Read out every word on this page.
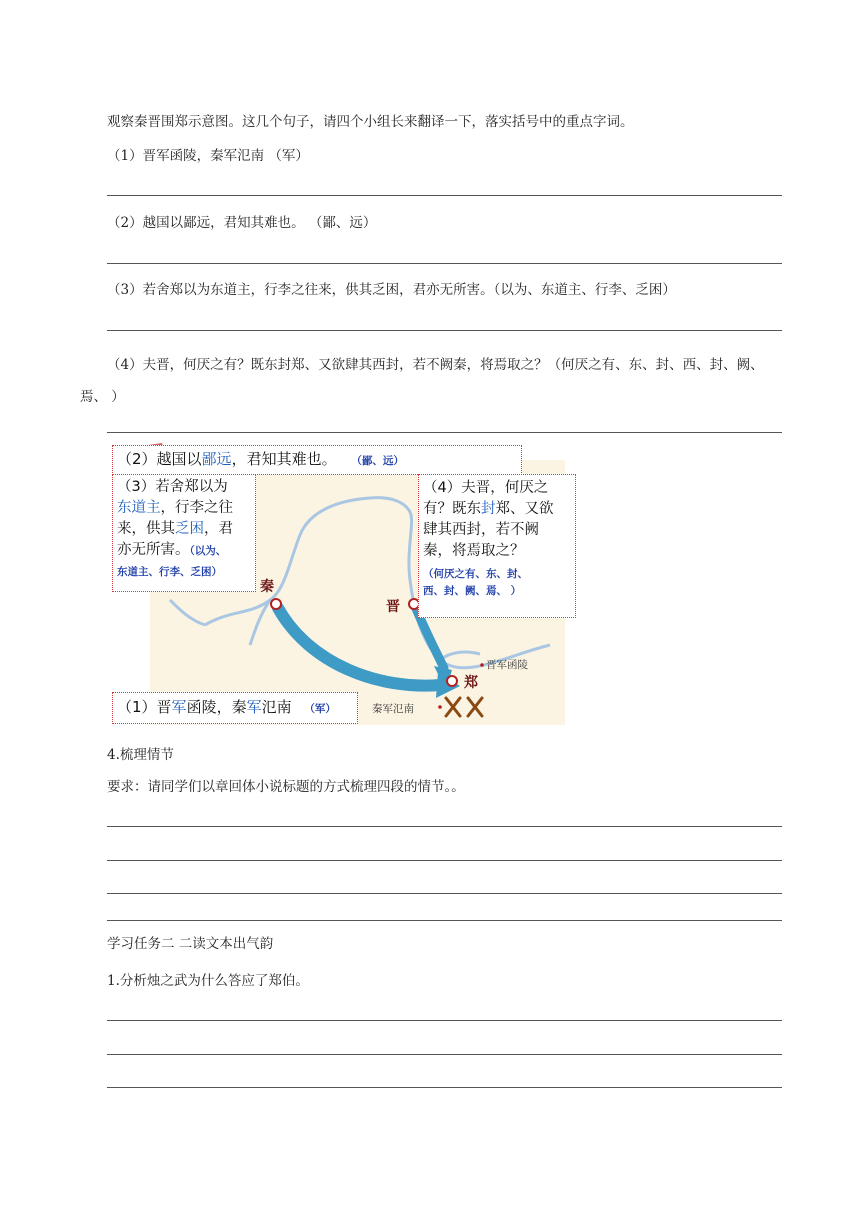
观察秦晋围郑示意图。这几个句子，请四个小组长来翻译一下，落实括号中的重点字词。
（1）晋军函陵，秦军氾南 （军）
（2）越国以鄙远，君知其难也。 （鄙、远）
（3）若舍郑以为东道主，行李之往来，供其乏困，君亦无所害。（以为、东道主、行李、乏困）
（4）夫晋，何厌之有？既东封郑、又欲肆其西封，若不阙秦，将焉取之？（何厌之有、东、封、西、封、阙、焉、 ）
（2）越国以鄙远，君知其难也。 （鄙、远）
（3）若舍郑以为
东道主，行李之往
来，供其乏困，君
亦无所害。（以为、
东道主、行李、乏困）
（4）夫晋，何厌之
有？既东封郑、又欲
肆其西封，若不阙
秦，将焉取之？
（何厌之有、东、封、
西、封、阙、焉、 ）
（1）晋军函陵，秦军氾南 （军）
秦
晋
郑
晋军函陵
秦军氾南
4.梳理情节
要求：请同学们以章回体小说标题的方式梳理四段的情节。。
学习任务二 二读文本出气韵
1.分析烛之武为什么答应了郑伯。
